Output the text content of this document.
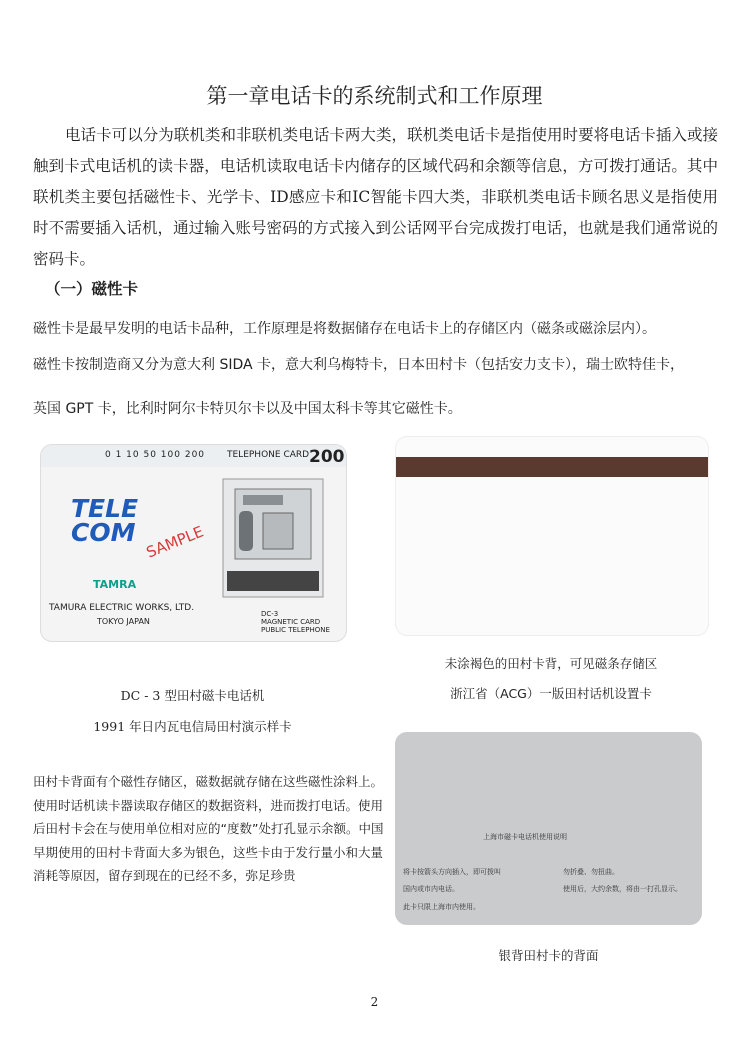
第一章电话卡的系统制式和工作原理
电话卡可以分为联机类和非联机类电话卡两大类，联机类电话卡是指使用时要将电话卡插入或接触到卡式电话机的读卡器，电话机读取电话卡内储存的区域代码和余额等信息，方可拨打通话。其中联机类主要包括磁性卡、光学卡、ID感应卡和IC智能卡四大类，非联机类电话卡顾名思义是指使用时不需要插入话机，通过输入账号密码的方式接入到公话网平台完成拨打电话，也就是我们通常说的密码卡。
（一）磁性卡
磁性卡是最早发明的电话卡品种，工作原理是将数据储存在电话卡上的存储区内（磁条或磁涂层内）。
磁性卡按制造商又分为意大利 SIDA 卡，意大利乌梅特卡，日本田村卡（包括安力支卡），瑞士欧特佳卡，
英国 GPT 卡，比利时阿尔卡特贝尔卡以及中国太科卡等其它磁性卡。
0 1 10 50 100 200 TELEPHONE CARD 200
TELE
COM SAMPLE
TAMRA
TAMURA ELECTRIC WORKS, LTD.
TOKYO JAPAN
DC-3
MAGNETIC CARD
PUBLIC TELEPHONE
未涂褐色的田村卡背，可见磁条存储区
浙江省（ACG）一版田村话机设置卡
DC - 3 型田村磁卡电话机
1991 年日内瓦电信局田村演示样卡
田村卡背面有个磁性存储区，磁数据就存储在这些磁性涂料上。使用时话机读卡器读取存储区的数据资料，进而拨打电话。使用后田村卡会在与使用单位相对应的“度数”处打孔显示余额。中国早期使用的田村卡背面大多为银色，这些卡由于发行量小和大量消耗等原因，留存到现在的已经不多，弥足珍贵
上海市磁卡电话机使用说明
将卡按箭头方向插入，即可拨叫
国内或市内电话。
此卡只限上海市内使用。
勿折叠、勿扭曲。
使用后，大约余数，将由一打孔显示。
银背田村卡的背面
2
